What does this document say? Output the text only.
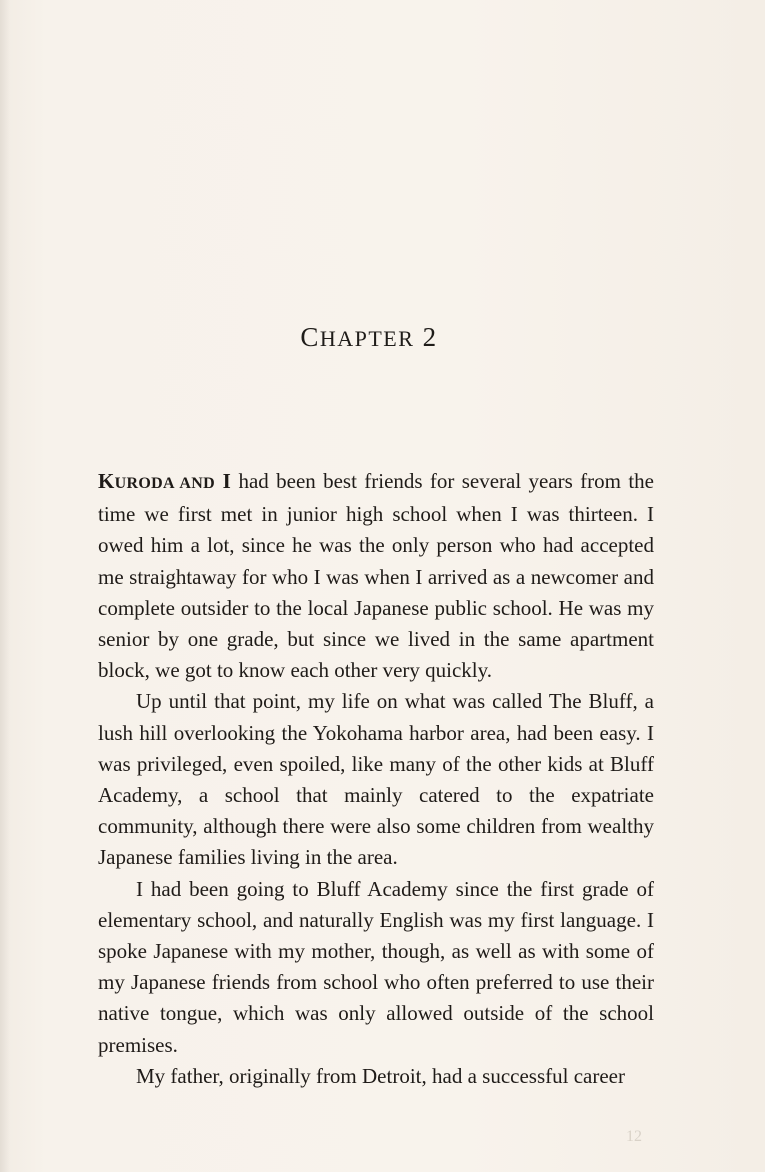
CHAPTER 2

KURODA AND I had been best friends for several years from the time we first met in junior high school when I was thirteen. I owed him a lot, since he was the only person who had accepted me straightaway for who I was when I arrived as a newcomer and complete outsider to the local Japanese public school. He was my senior by one grade, but since we lived in the same apartment block, we got to know each other very quickly.

Up until that point, my life on what was called The Bluff, a lush hill overlooking the Yokohama harbor area, had been easy. I was privileged, even spoiled, like many of the other kids at Bluff Academy, a school that mainly catered to the expatriate community, although there were also some children from wealthy Japanese families living in the area.

I had been going to Bluff Academy since the first grade of elementary school, and naturally English was my first language. I spoke Japanese with my mother, though, as well as with some of my Japanese friends from school who often preferred to use their native tongue, which was only allowed outside of the school premises.

My father, originally from Detroit, had a successful career

12
